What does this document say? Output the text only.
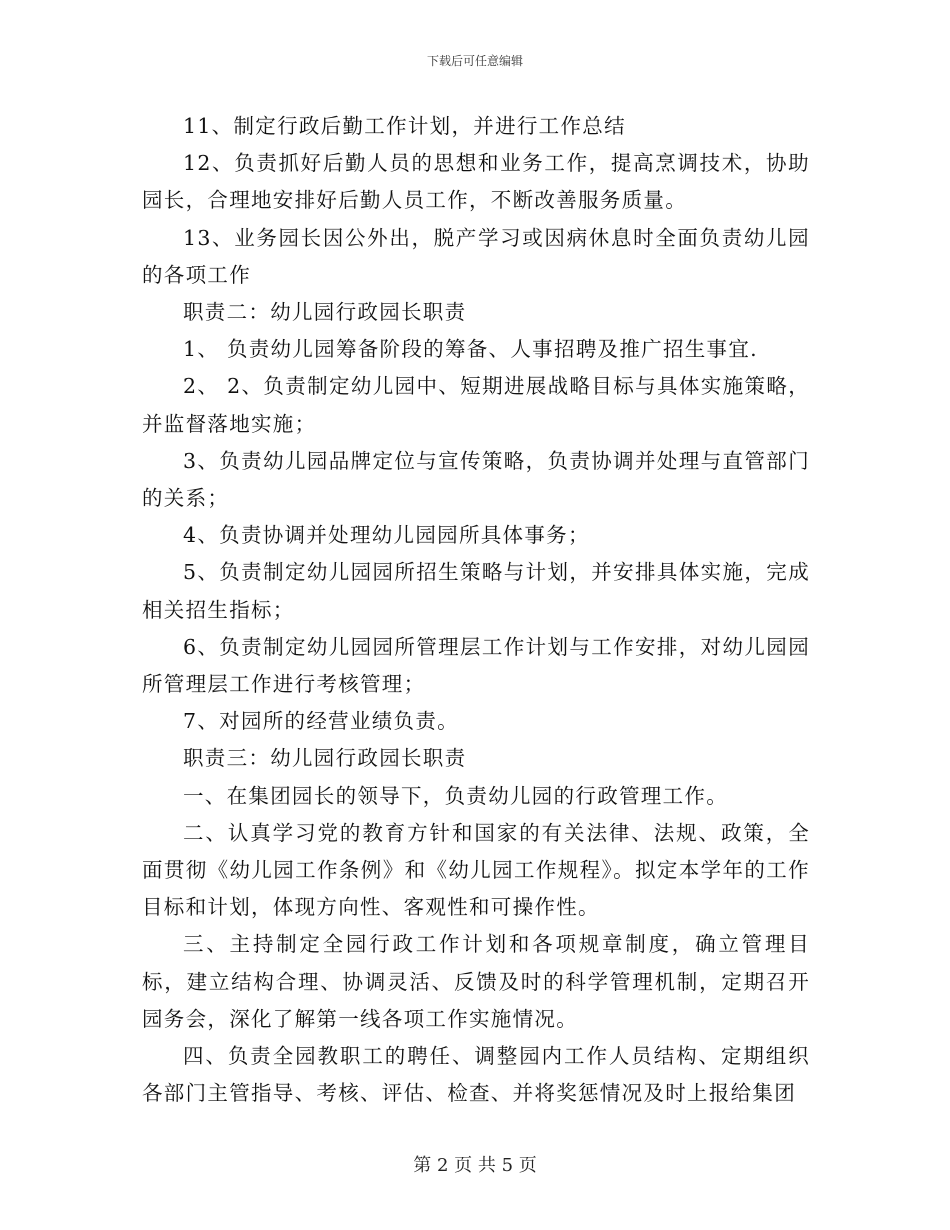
下载后可任意编辑

11、制定行政后勤工作计划，并进行工作总结

12、负责抓好后勤人员的思想和业务工作，提高烹调技术，协助园长，合理地安排好后勤人员工作，不断改善服务质量。

13、业务园长因公外出，脱产学习或因病休息时全面负责幼儿园的各项工作

职责二：幼儿园行政园长职责

1、 负责幼儿园筹备阶段的筹备、人事招聘及推广招生事宜.

2、 2、负责制定幼儿园中、短期进展战略目标与具体实施策略，并监督落地实施；

3、负责幼儿园品牌定位与宣传策略，负责协调并处理与直管部门的关系；

4、负责协调并处理幼儿园园所具体事务；

5、负责制定幼儿园园所招生策略与计划，并安排具体实施，完成相关招生指标；

6、负责制定幼儿园园所管理层工作计划与工作安排，对幼儿园园所管理层工作进行考核管理；

7、对园所的经营业绩负责。

职责三：幼儿园行政园长职责

一、在集团园长的领导下，负责幼儿园的行政管理工作。

二、认真学习党的教育方针和国家的有关法律、法规、政策，全面贯彻《幼儿园工作条例》和《幼儿园工作规程》。拟定本学年的工作目标和计划，体现方向性、客观性和可操作性。

三、主持制定全园行政工作计划和各项规章制度，确立管理目标，建立结构合理、协调灵活、反馈及时的科学管理机制，定期召开园务会，深化了解第一线各项工作实施情况。

四、负责全园教职工的聘任、调整园内工作人员结构、定期组织各部门主管指导、考核、评估、检查、并将奖惩情况及时上报给集团

第 2 页 共 5 页
